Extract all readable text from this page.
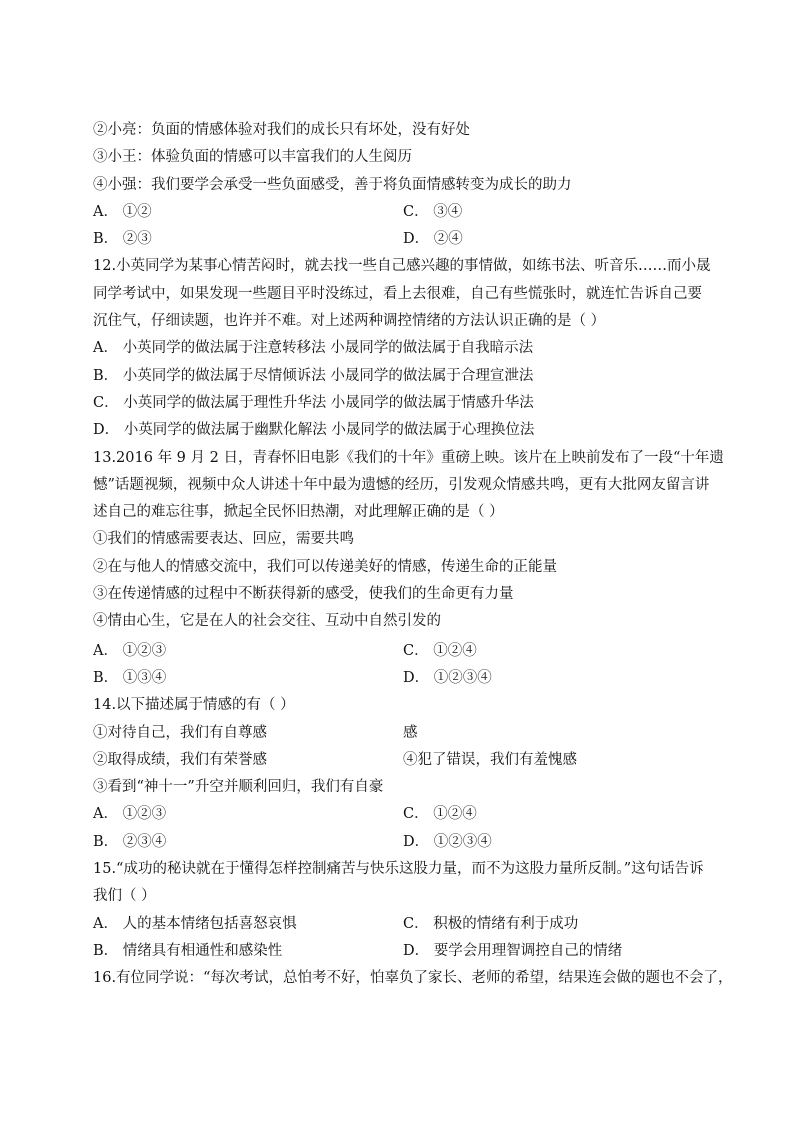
②小亮：负面的情感体验对我们的成长只有坏处，没有好处
③小王：体验负面的情感可以丰富我们的人生阅历
④小强：我们要学会承受一些负面感受，善于将负面情感转变为成长的助力
A． ①②	C． ③④
B． ②③	D． ②④
12.小英同学为某事心情苦闷时，就去找一些自己感兴趣的事情做，如练书法、听音乐……而小晟
同学考试中，如果发现一些题目平时没练过，看上去很难，自己有些慌张时，就连忙告诉自己要
沉住气，仔细读题，也许并不难。对上述两种调控情绪的方法认识正确的是（ ）
A． 小英同学的做法属于注意转移法 小晟同学的做法属于自我暗示法
B． 小英同学的做法属于尽情倾诉法 小晟同学的做法属于合理宣泄法
C． 小英同学的做法属于理性升华法 小晟同学的做法属于情感升华法
D． 小英同学的做法属于幽默化解法 小晟同学的做法属于心理换位法
13.2016 年 9 月 2 日，青春怀旧电影《我们的十年》重磅上映。该片在上映前发布了一段“十年遗
憾”话题视频，视频中众人讲述十年中最为遗憾的经历，引发观众情感共鸣，更有大批网友留言讲
述自己的难忘往事，掀起全民怀旧热潮，对此理解正确的是（ ）
①我们的情感需要表达、回应，需要共鸣
②在与他人的情感交流中，我们可以传递美好的情感，传递生命的正能量
③在传递情感的过程中不断获得新的感受，使我们的生命更有力量
④情由心生，它是在人的社会交往、互动中自然引发的
A． ①②③	C． ①②④
B． ①③④	D． ①②③④
14.以下描述属于情感的有（ ）
①对待自己，我们有自尊感	感
②取得成绩，我们有荣誉感	④犯了错误，我们有羞愧感
③看到“神十一”升空并顺利回归，我们有自豪
A． ①②③	C． ①②④
B． ②③④	D． ①②③④
15.“成功的秘诀就在于懂得怎样控制痛苦与快乐这股力量，而不为这股力量所反制。”这句话告诉
我们（ ）
A． 人的基本情绪包括喜怒哀惧	C． 积极的情绪有利于成功
B． 情绪具有相通性和感染性	D． 要学会用理智调控自己的情绪
16.有位同学说：“每次考试，总怕考不好，怕辜负了家长、老师的希望，结果连会做的题也不会了，
